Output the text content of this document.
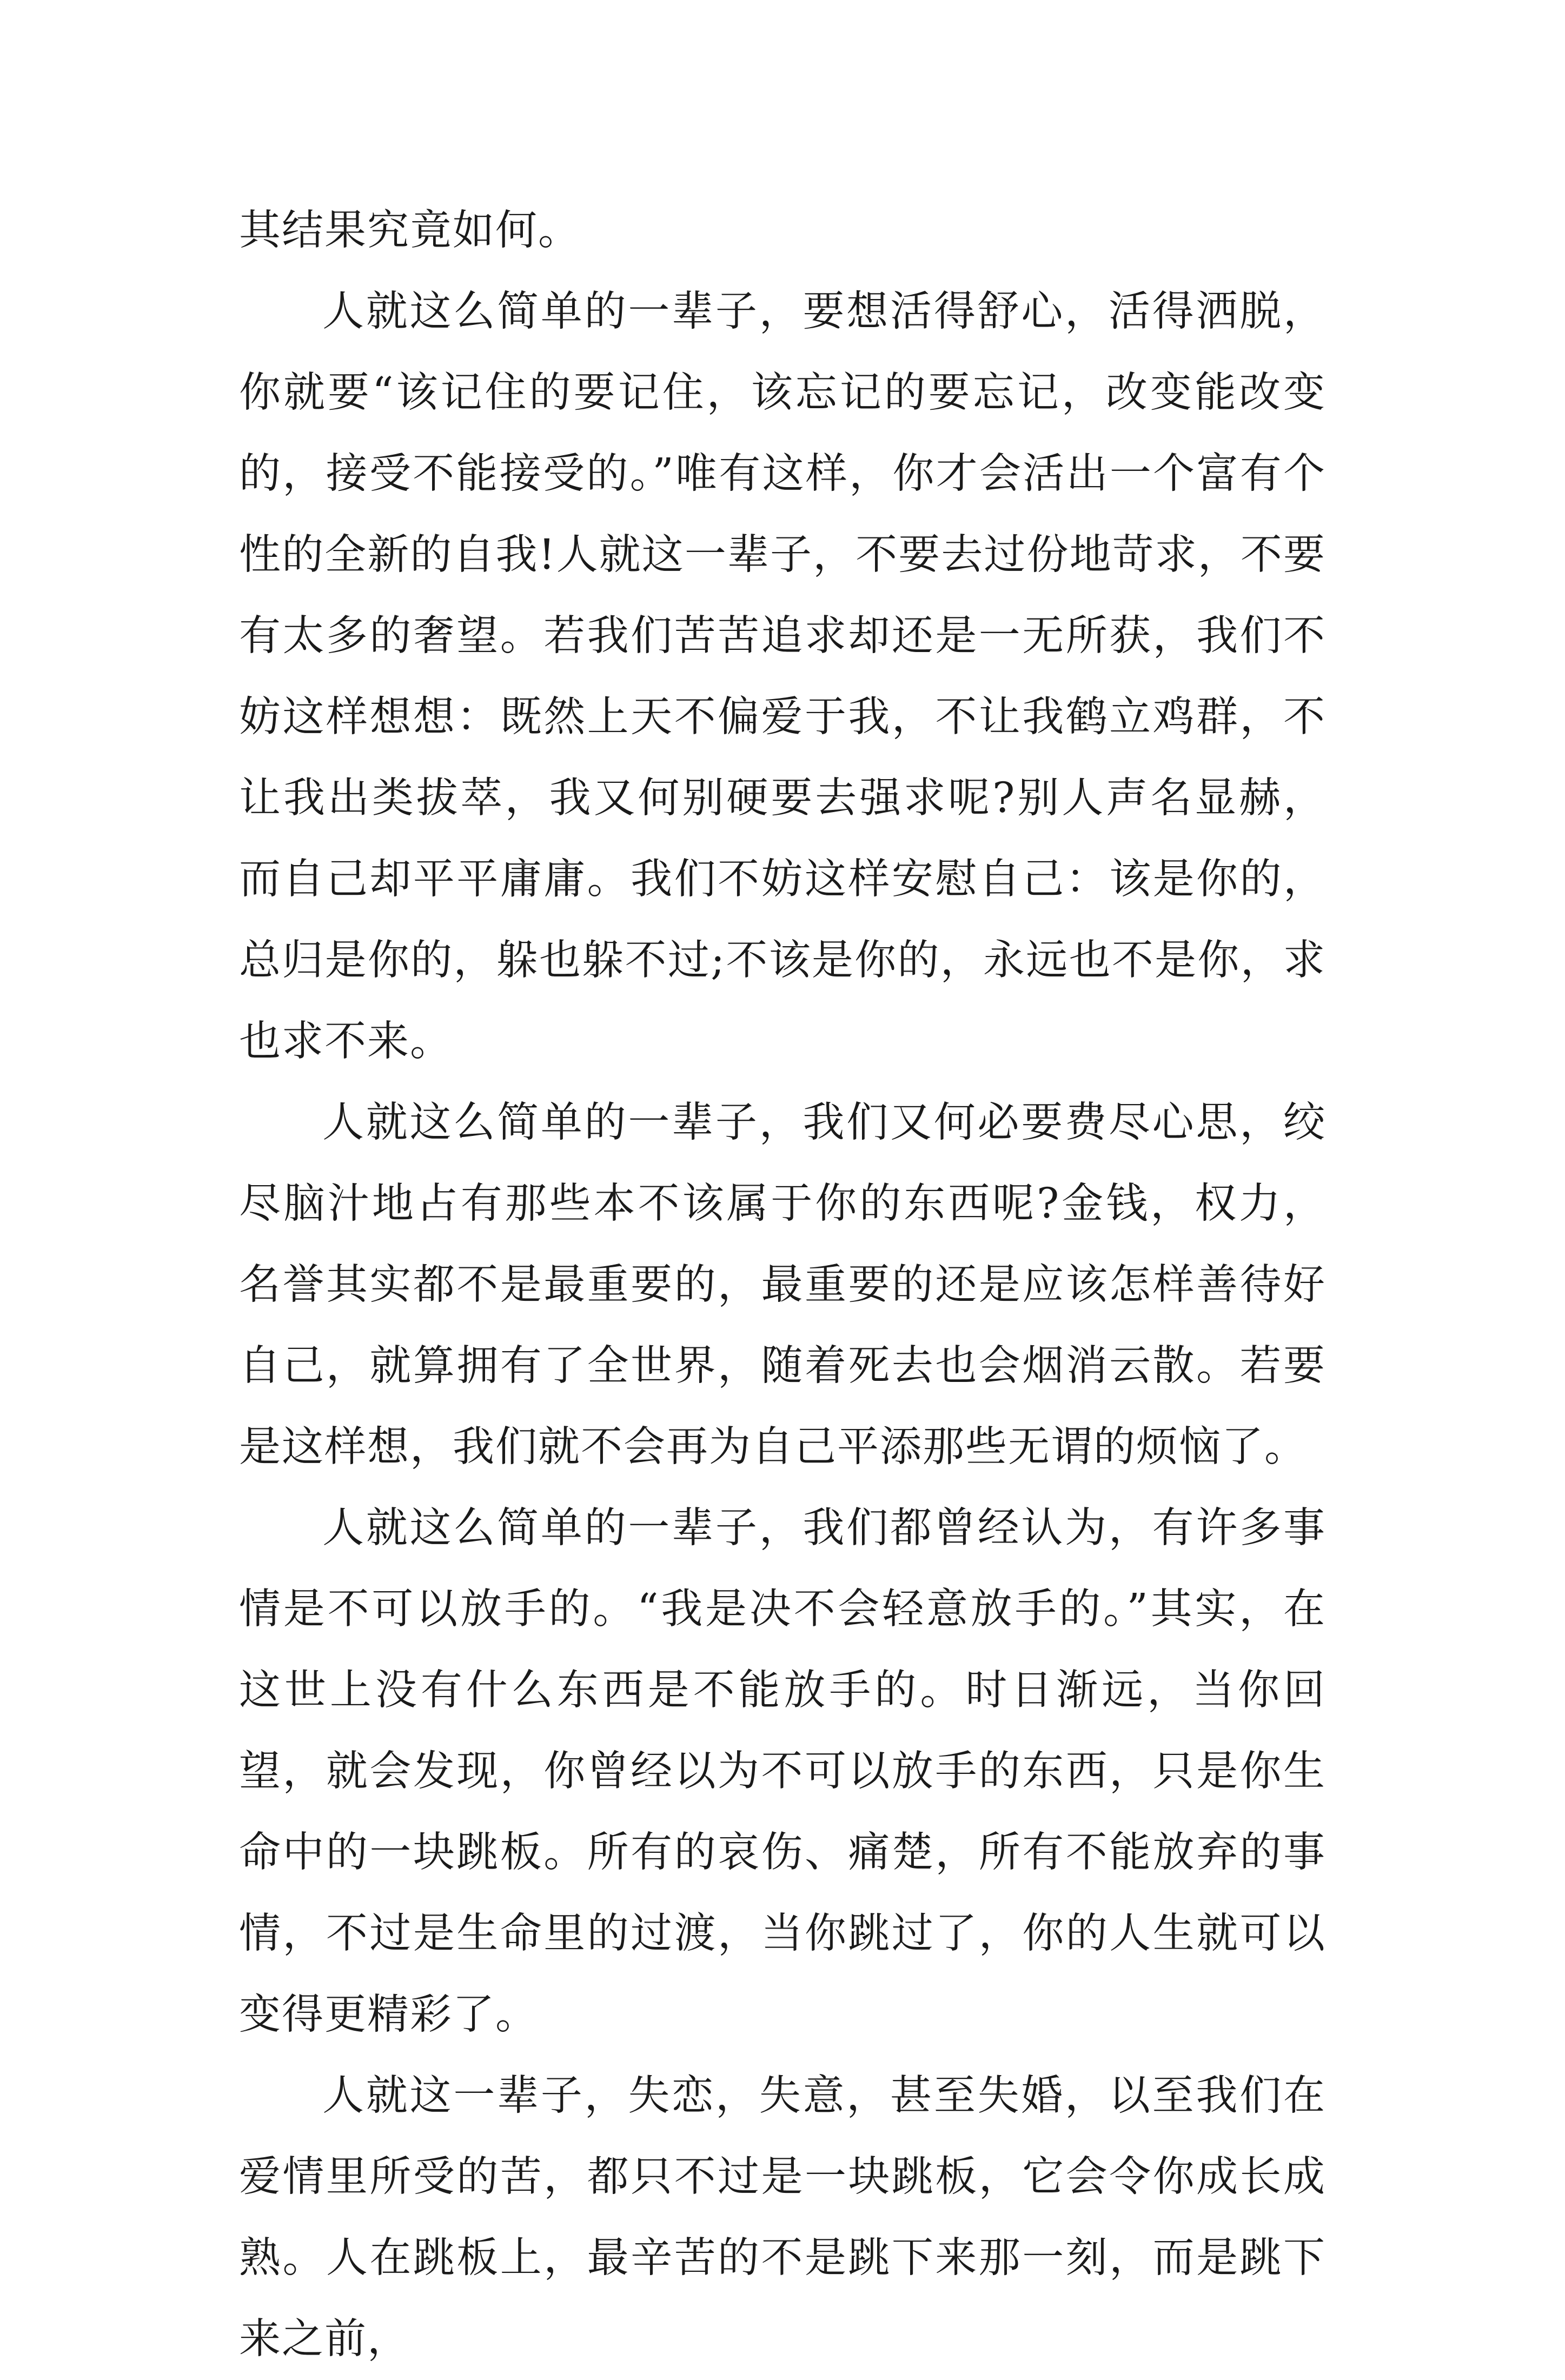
其结果究竟如何。

人就这么简单的一辈子，要想活得舒心，活得洒脱，你就要“该记住的要记住，该忘记的要忘记，改变能改变的，接受不能接受的。”唯有这样，你才会活出一个富有个性的全新的自我!人就这一辈子，不要去过份地苛求，不要有太多的奢望。若我们苦苦追求却还是一无所获，我们不妨这样想想：既然上天不偏爱于我，不让我鹤立鸡群，不让我出类拔萃，我又何别硬要去强求呢?别人声名显赫，而自己却平平庸庸。我们不妨这样安慰自己：该是你的，总归是你的，躲也躲不过;不该是你的，永远也不是你，求也求不来。

人就这么简单的一辈子，我们又何必要费尽心思，绞尽脑汁地占有那些本不该属于你的东西呢?金钱，权力，名誉其实都不是最重要的，最重要的还是应该怎样善待好自己，就算拥有了全世界，随着死去也会烟消云散。若要是这样想，我们就不会再为自己平添那些无谓的烦恼了。

人就这么简单的一辈子，我们都曾经认为，有许多事情是不可以放手的。“我是决不会轻意放手的。”其实，在这世上没有什么东西是不能放手的。时日渐远，当你回望，就会发现，你曾经以为不可以放手的东西，只是你生命中的一块跳板。所有的哀伤、痛楚，所有不能放弃的事情，不过是生命里的过渡，当你跳过了，你的人生就可以变得更精彩了。

人就这一辈子，失恋，失意，甚至失婚，以至我们在爱情里所受的苦，都只不过是一块跳板，它会令你成长成熟。人在跳板上，最辛苦的不是跳下来那一刻，而是跳下来之前，
